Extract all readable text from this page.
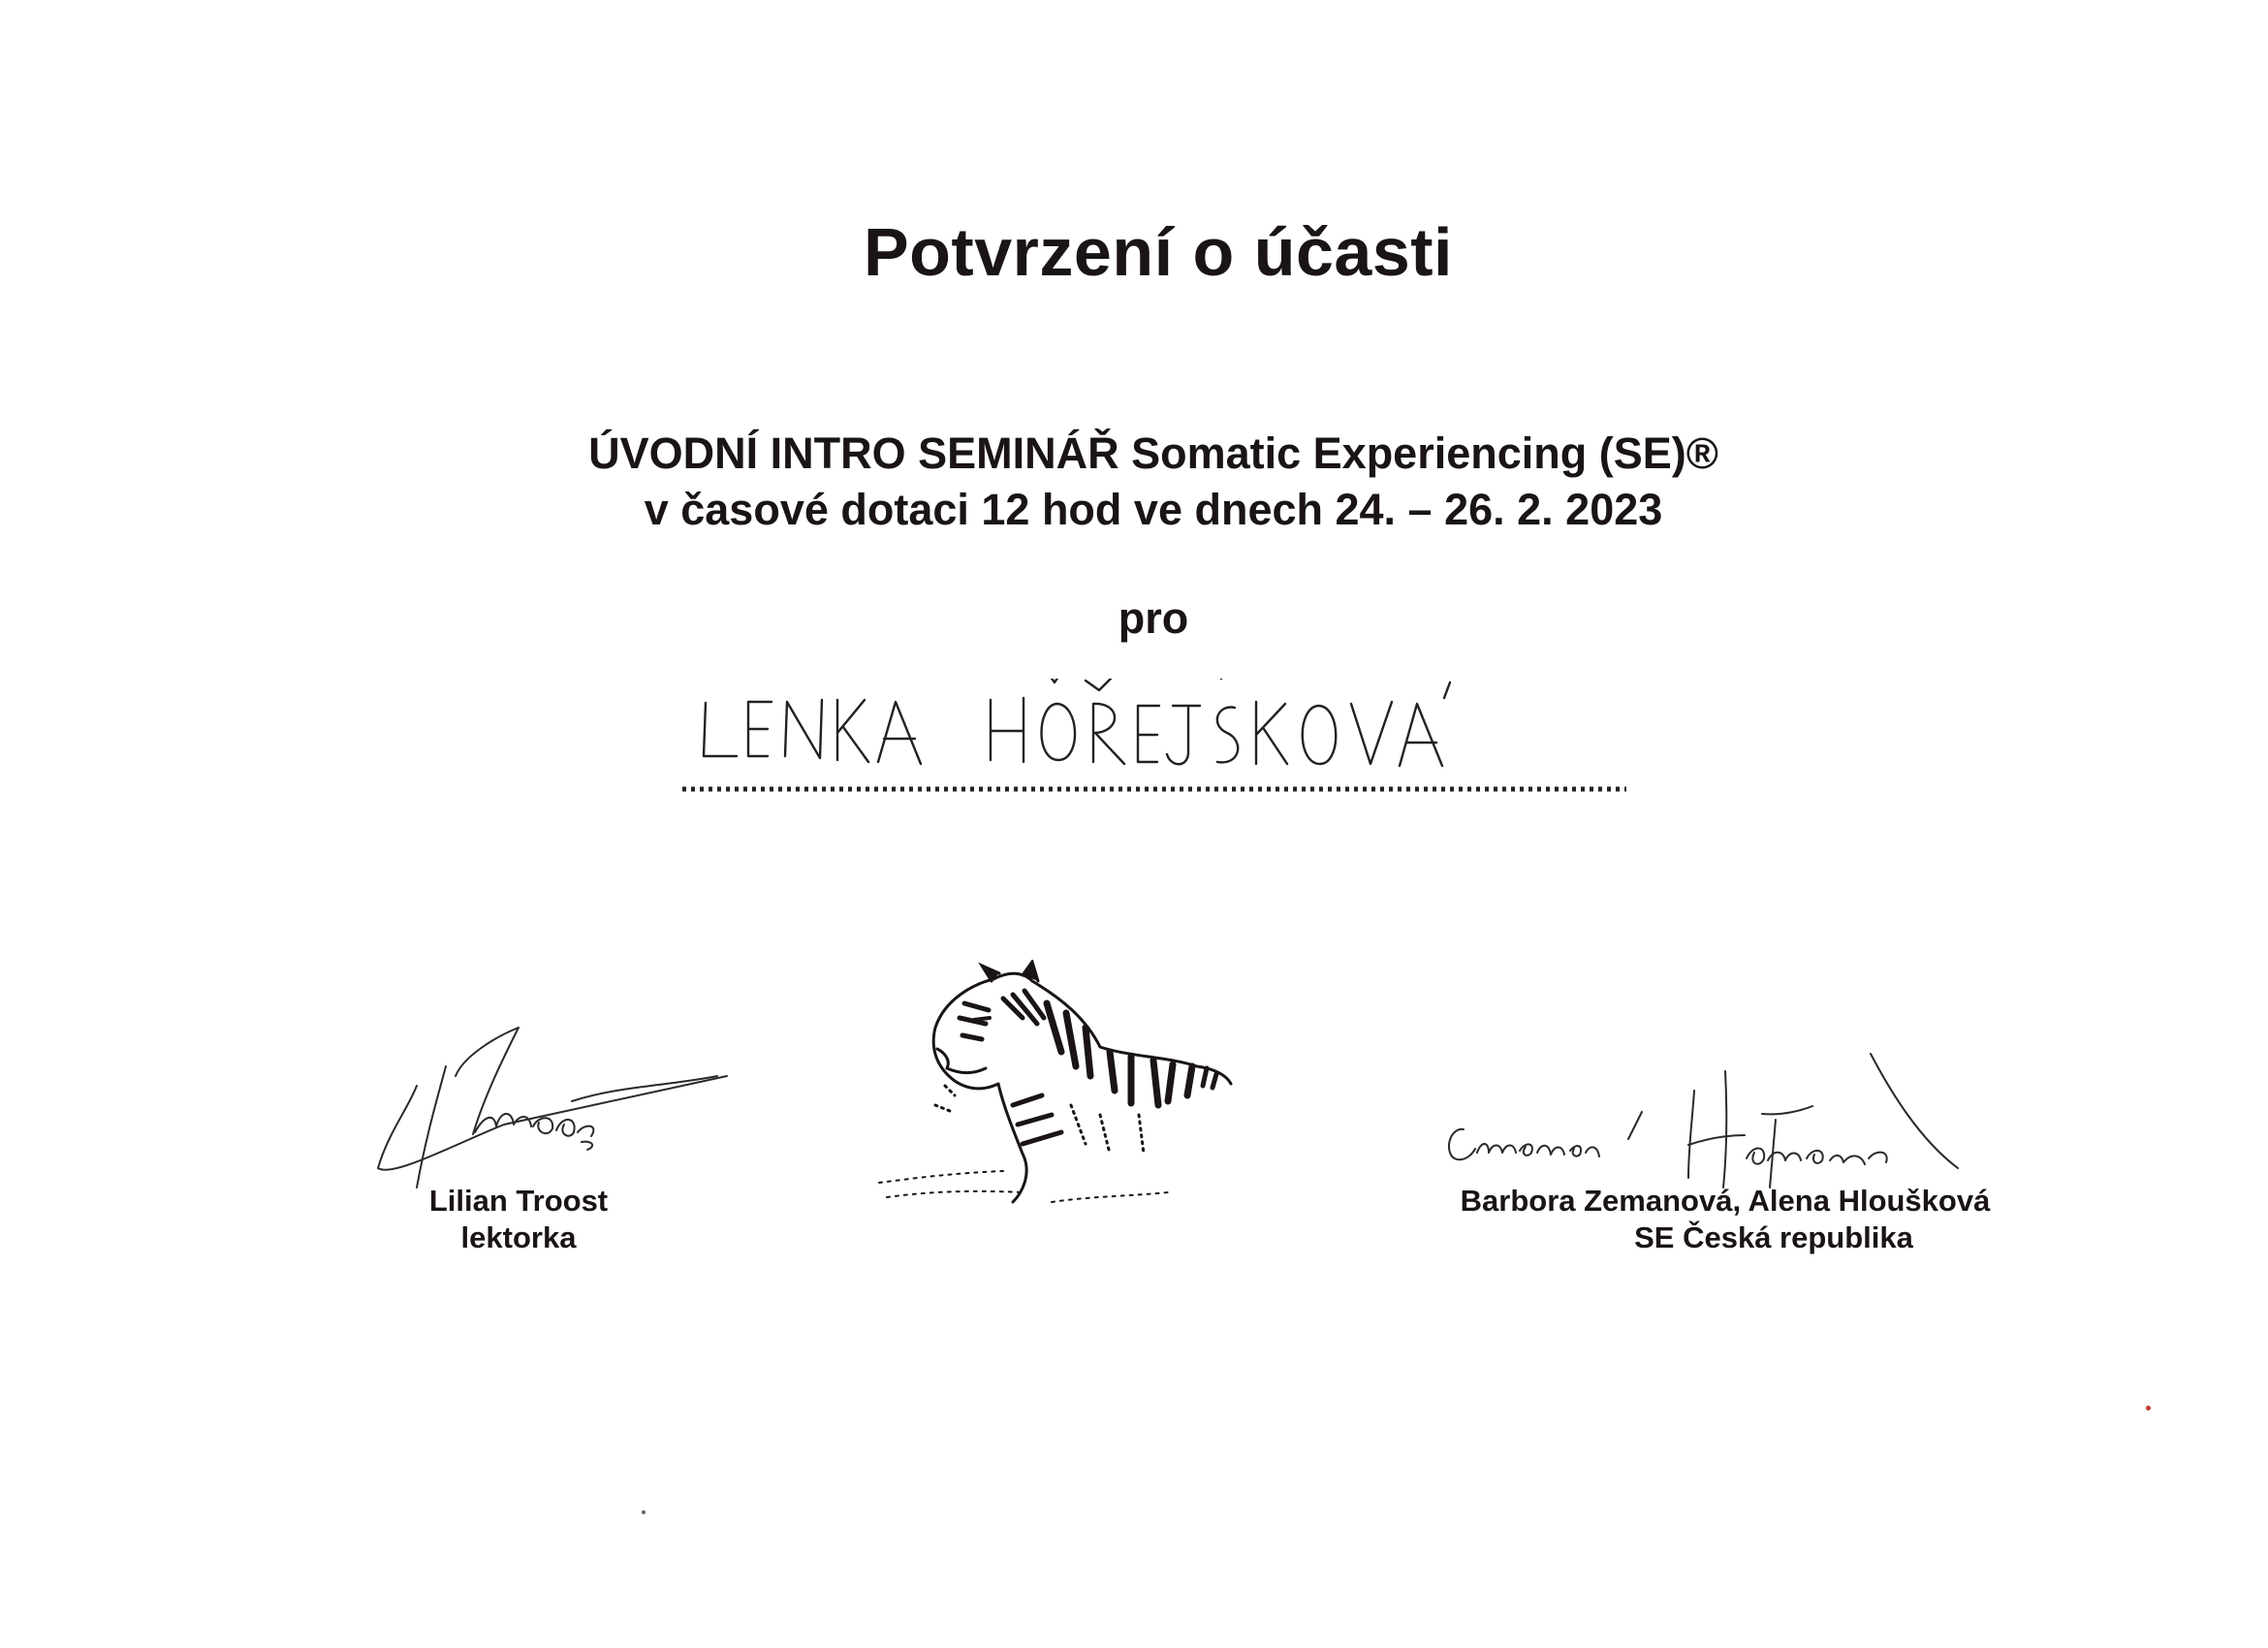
Potvrzení o účasti
ÚVODNÍ INTRO SEMINÁŘ Somatic Experiencing (SE)®
v časové dotaci 12 hod ve dnech 24. – 26. 2. 2023
pro
Lilian Troost
lektorka
Barbora Zemanová, Alena Hloušková
SE Česká republika
